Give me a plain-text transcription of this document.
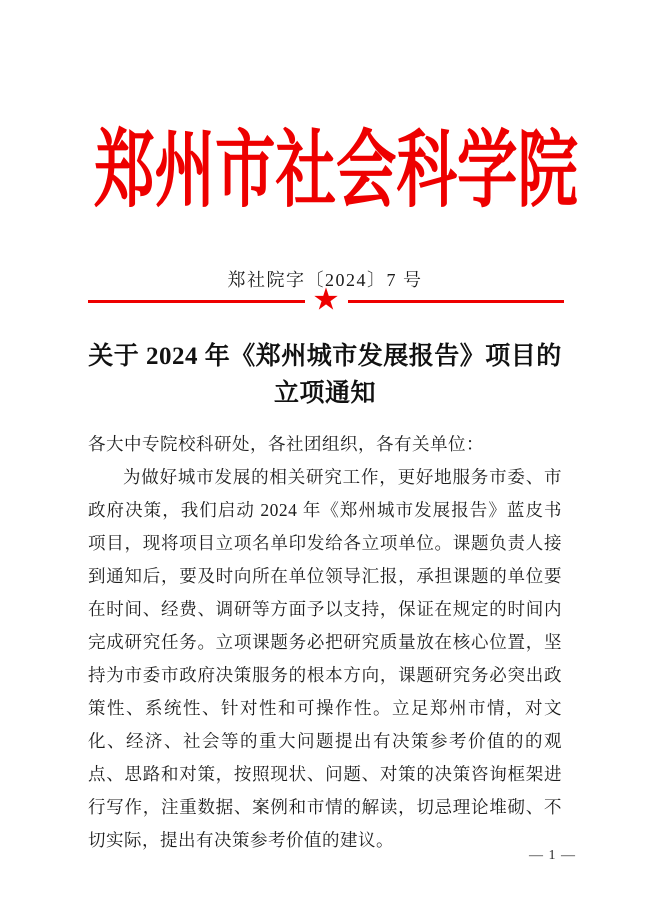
郑州市社会科学院
郑社院字〔2024〕7 号
★
关于 2024 年《郑州城市发展报告》项目的
立项通知

各大中专院校科研处，各社团组织，各有关单位：

为做好城市发展的相关研究工作，更好地服务市委、市政府决策，我们启动 2024 年《郑州城市发展报告》蓝皮书项目，现将项目立项名单印发给各立项单位。课题负责人接到通知后，要及时向所在单位领导汇报，承担课题的单位要在时间、经费、调研等方面予以支持，保证在规定的时间内完成研究任务。立项课题务必把研究质量放在核心位置，坚持为市委市政府决策服务的根本方向，课题研究务必突出政策性、系统性、针对性和可操作性。立足郑州市情，对文化、经济、社会等的重大问题提出有决策参考价值的的观点、思路和对策，按照现状、问题、对策的决策咨询框架进行写作，注重数据、案例和市情的解读，切忌理论堆砌、不切实际，提出有决策参考价值的建议。

— 1 —
